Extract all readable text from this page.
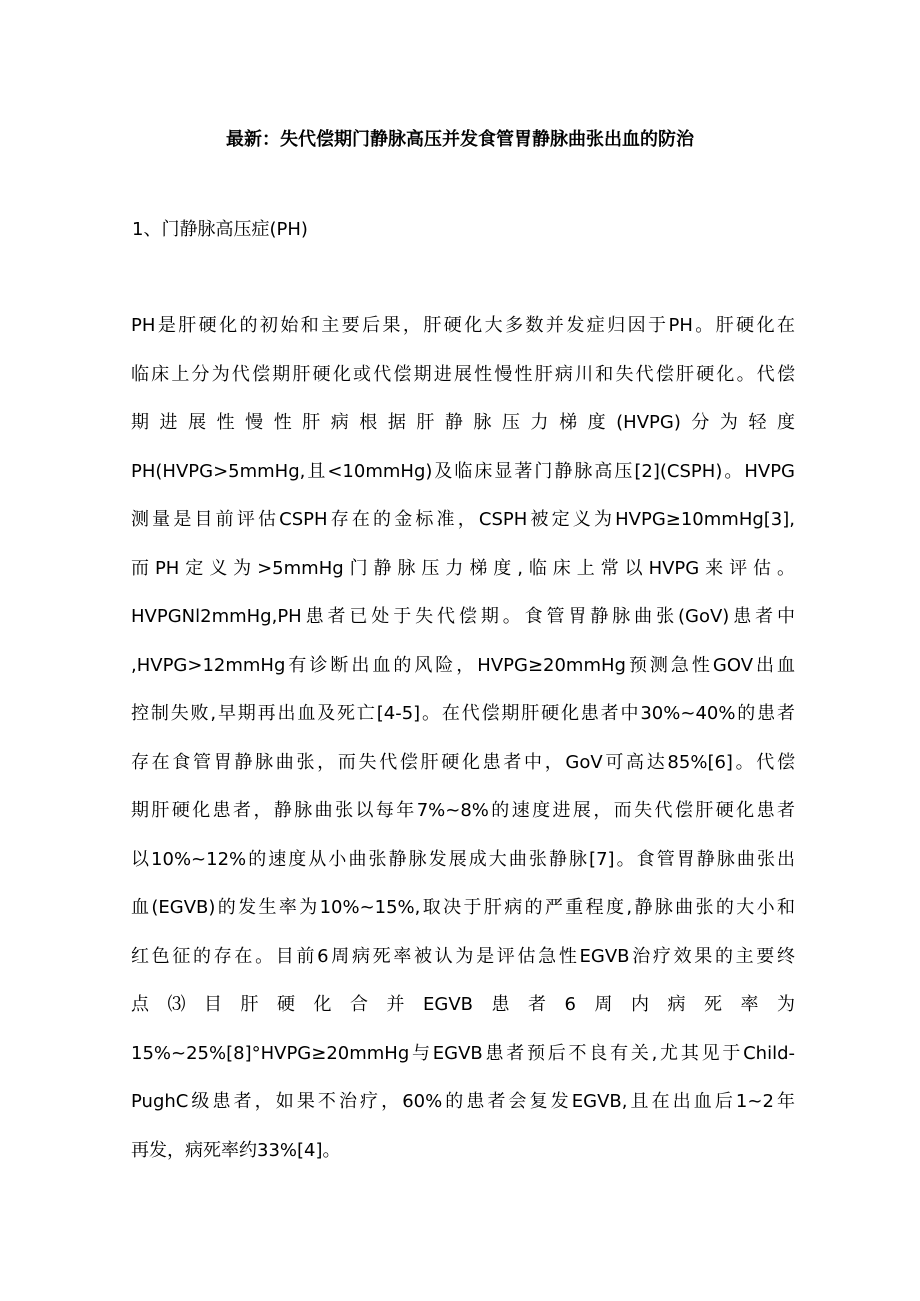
最新：失代偿期门静脉高压并发食管胃静脉曲张出血的防治
1、门静脉高压症(PH)
PH是肝硬化的初始和主要后果，肝硬化大多数并发症归因于PH。肝硬化在
临床上分为代偿期肝硬化或代偿期进展性慢性肝病川和失代偿肝硬化。代偿
期进展性慢性肝病根据肝静脉压力梯度(HVPG)分为轻度
PH(HVPG>5mmHg,且<10mmHg)及临床显著门静脉高压[2](CSPH)。HVPG
测量是目前评估CSPH存在的金标准，CSPH被定义为HVPG≥10mmHg[3],
而PH定义为>5mmHg门静脉压力梯度,临床上常以HVPG来评估。
HVPGNl2mmHg,PH患者已处于失代偿期。食管胃静脉曲张(GoV)患者中
,HVPG>12mmHg有诊断出血的风险，HVPG≥20mmHg预测急性GOV出血
控制失败,早期再出血及死亡[4-5]。在代偿期肝硬化患者中30%~40%的患者
存在食管胃静脉曲张，而失代偿肝硬化患者中，GoV可高达85%[6]。代偿
期肝硬化患者，静脉曲张以每年7%~8%的速度进展，而失代偿肝硬化患者
以10%~12%的速度从小曲张静脉发展成大曲张静脉[7]。食管胃静脉曲张出
血(EGVB)的发生率为10%~15%,取决于肝病的严重程度,静脉曲张的大小和
红色征的存在。目前6周病死率被认为是评估急性EGVB治疗效果的主要终
点⑶目肝硬化合并EGVB患者6周内病死率为
15%~25%[8]°HVPG≥20mmHg与EGVB患者预后不良有关,尤其见于Child-
PughC级患者，如果不治疗，60%的患者会复发EGVB,且在出血后1~2年
再发，病死率约33%[4]。
